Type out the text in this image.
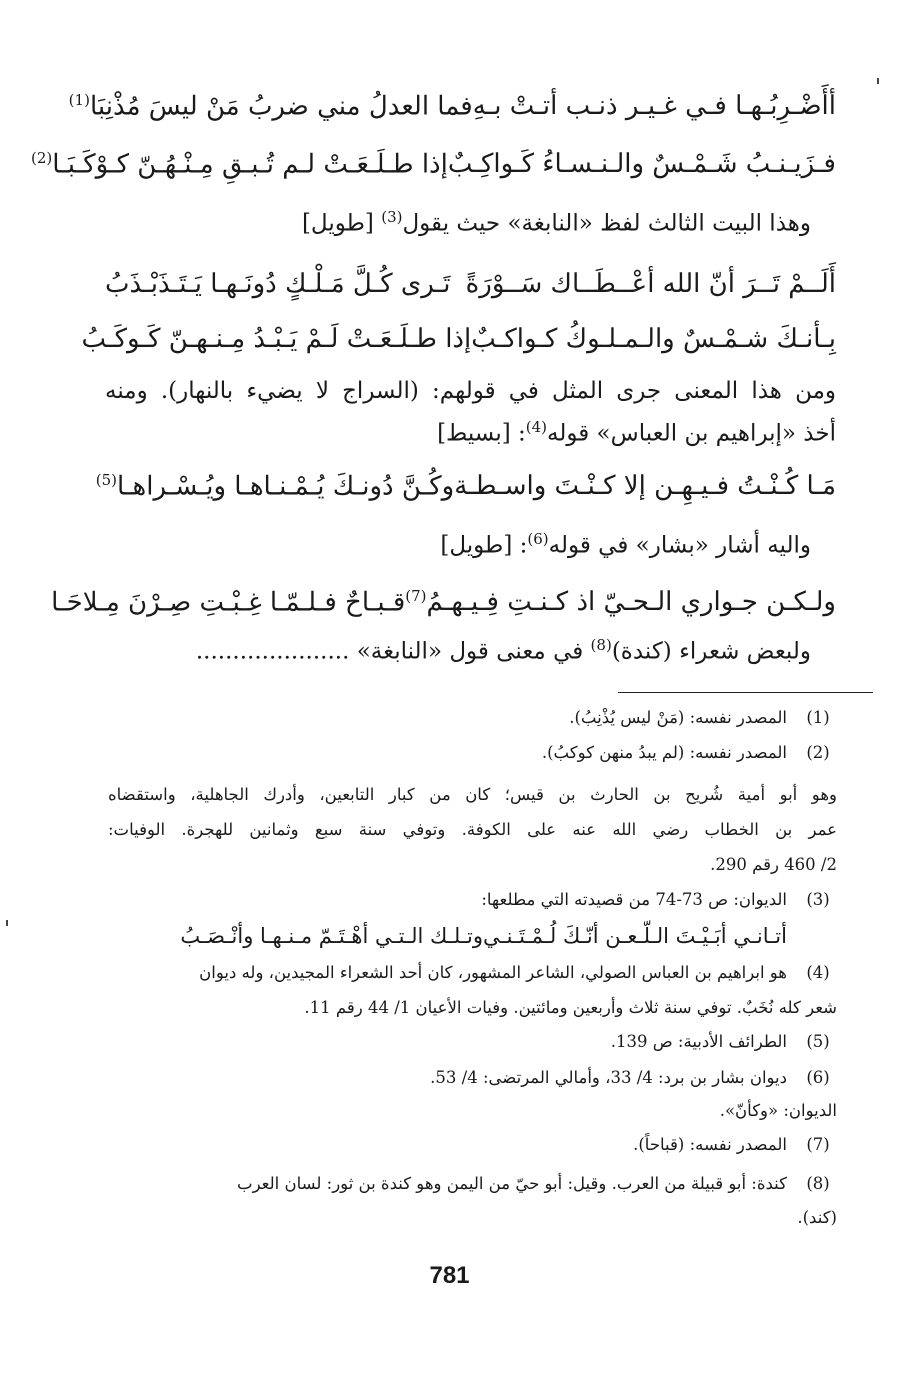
أأَضْـرِبُـهـا فـي غـيـر ذنـب أتـتْ بـهِ
فما العدلُ مني ضربُ مَنْ ليسَ مُذْنِبَا$^{(1)}$
فـزَيـنـبُ شَـمْـسٌ والـنـسـاءُ كَـواكِـبٌ
إذا طـلَـعَـتْ لـم تُـبـقِ مِـنْـهُـنّ كـوْكَـبَـا$^{(2)}$
وهذا البيت الثالث لفظ «النابغة» حيث يقول$^{(3)}$ [طويل]
أَلَــمْ تَــرَ أنّ الله أعْــطَــاك سَــوْرَةً
تَـرى كُـلَّ مَـلْـكٍ دُونَـهـا يَـتَـذَبْـذَبُ
بِـأنـكَ شـمْـسٌ والـمـلـوكُ كـواكـبٌ
إذا طـلَـعَـتْ لَـمْ يَـبْـدُ مِـنـهـنّ كَـوكَـبُ
ومن هذا المعنى جرى المثل في قولهم: (السراج لا يضيء بالنهار). ومنه
أخذ «إبراهيم بن العباس» قوله$^{(4)}$: [بسيط]
مَـا كُـنْـتُ فـيـهِـن إلا كـنْـتَ واسـطـة
وكُـنَّ دُونـكَ يُـمْـنـاهـا ويُـسْـراهـا$^{(5)}$
واليه أشار «بشار» في قوله$^{(6)}$: [طويل]
ولـكـن جـواري الـحـيّ اذ كـنـتِ فِـيـهـمُ
$^{(7)}$قـبـاحٌ فـلـمّـا غِـبْـتِ صِـرْنَ مِـلاحَـا
ولبعض شعراء (كندة)$^{(8)}$ في معنى قول «النابغة» .....................
(1)
المصدر نفسه: (مَنْ ليس يُذْنِبُ).
(2)
المصدر نفسه: (لم يبدُ منهن كوكبُ).
وهو أبو أمية شُريح بن الحارث بن قيس؛ كان من كبار التابعين، وأدرك الجاهلية، واستقضاه
عمر بن الخطاب رضي الله عنه على الكوفة. وتوفي سنة سبع وثمانين للهجرة. الوفيات:
2/ 460 رقم 290.
(3)
الديوان: ص 73-74 من قصيدته التي مطلعها:
أتـانـي أبَـيْـتَ الـلّـعـن أنّـكَ لُـمْـتَـنـي
وتـلـك الـتـي أهْـتَـمّ مـنـهـا وأنْـصَـبُ
(4)
هو ابراهيم بن العباس الصولي، الشاعر المشهور، كان أحد الشعراء المجيدين، وله ديوان
شعر كله نُخَبٌ. توفي سنة ثلاث وأربعين ومائتين. وفيات الأعيان 1/ 44 رقم 11.
(5)
الطرائف الأدبية: ص 139.
(6)
ديوان بشار بن برد: 4/ 33، وأمالي المرتضى: 4/ 53.
الديوان: «وكأنّ».
(7)
المصدر نفسه: (قباحاً).
(8)
كندة: أبو قبيلة من العرب. وقيل: أبو حيّ من اليمن وهو كندة بن ثور: لسان العرب
(كند).
781
